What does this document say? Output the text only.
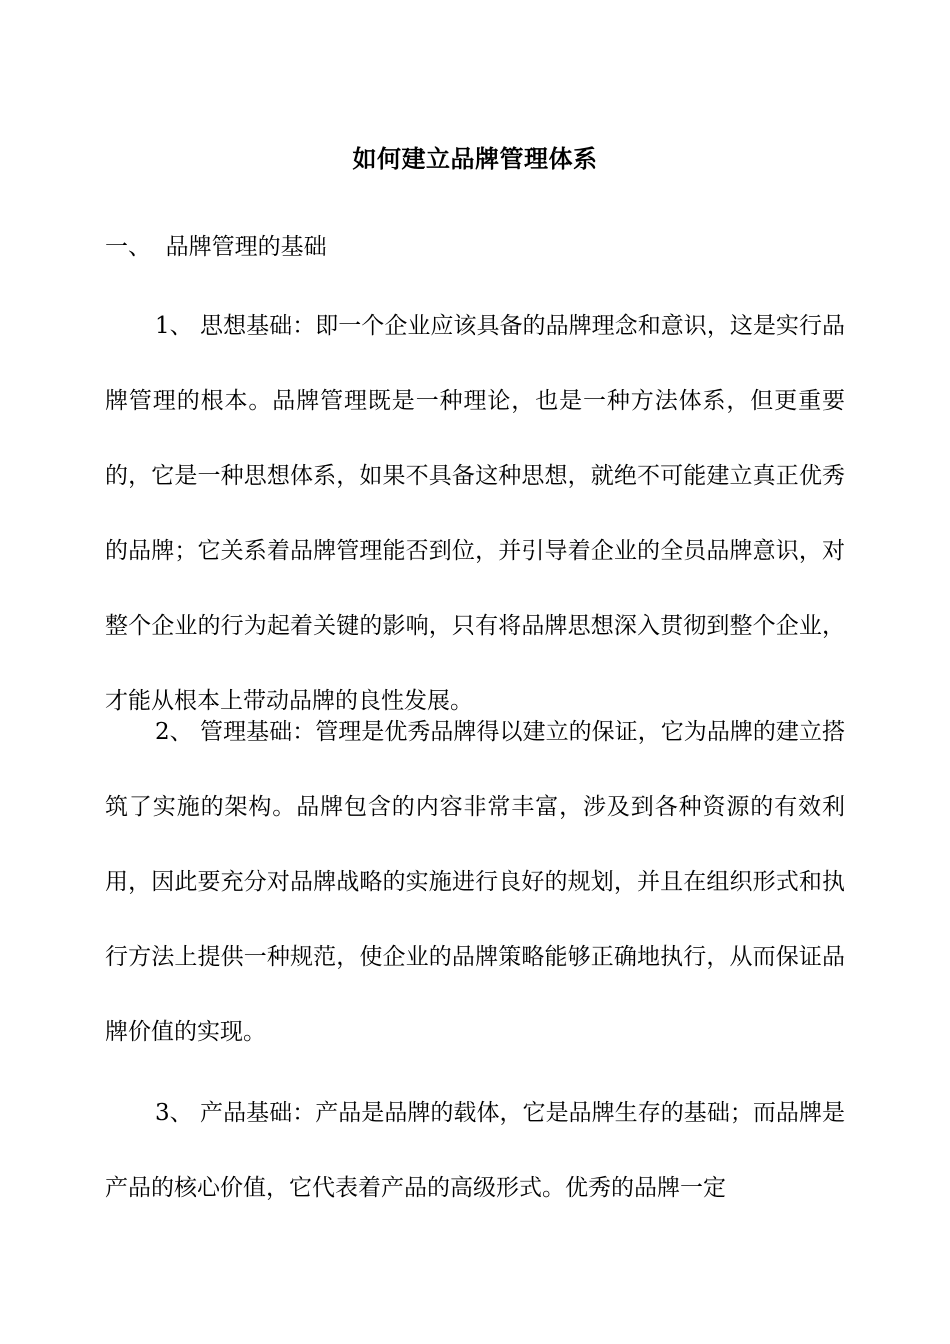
如何建立品牌管理体系
一、  品牌管理的基础

1、 思想基础：即一个企业应该具备的品牌理念和意识，这是实行品牌管理的根本。品牌管理既是一种理论，也是一种方法体系，但更重要的，它是一种思想体系，如果不具备这种思想，就绝不可能建立真正优秀的品牌；它关系着品牌管理能否到位，并引导着企业的全员品牌意识，对整个企业的行为起着关键的影响，只有将品牌思想深入贯彻到整个企业，才能从根本上带动品牌的良性发展。

2、 管理基础：管理是优秀品牌得以建立的保证，它为品牌的建立搭筑了实施的架构。品牌包含的内容非常丰富，涉及到各种资源的有效利用，因此要充分对品牌战略的实施进行良好的规划，并且在组织形式和执行方法上提供一种规范，使企业的品牌策略能够正确地执行，从而保证品牌价值的实现。

3、 产品基础：产品是品牌的载体，它是品牌生存的基础；而品牌是产品的核心价值，它代表着产品的高级形式。优秀的品牌一定
